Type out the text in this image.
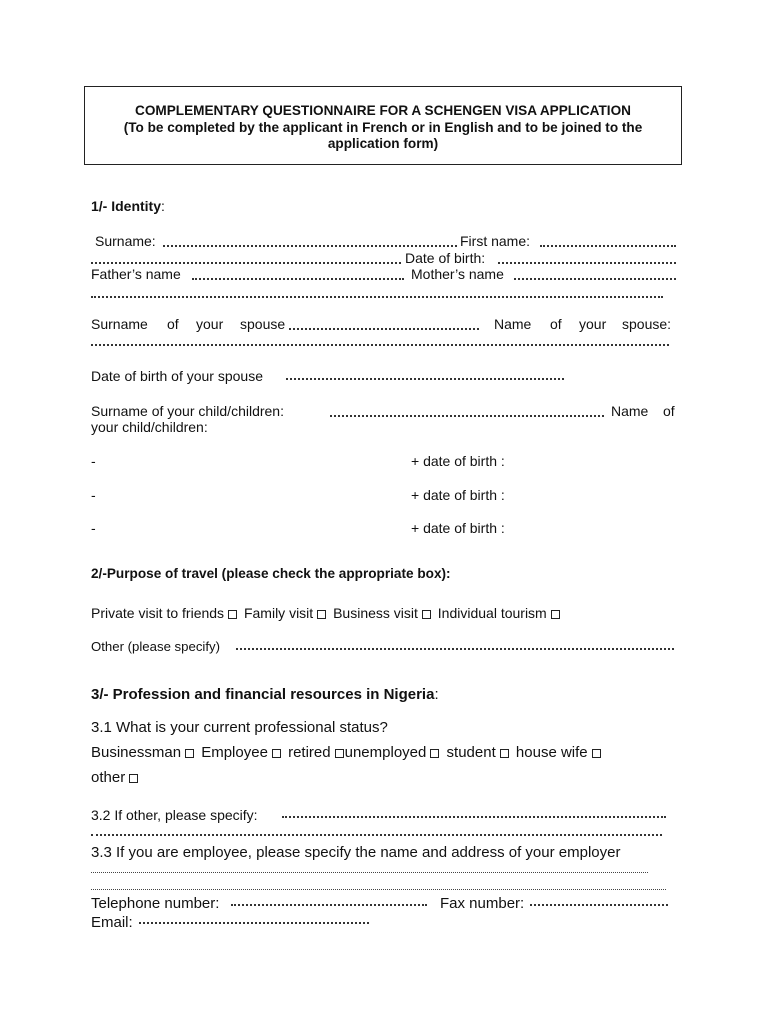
COMPLEMENTARY QUESTIONNAIRE FOR A SCHENGEN VISA APPLICATION
(To be completed by the applicant in French or in English and to be joined to the
application form)
1/- Identity:
Surname:	First name:
Date of birth:
Father’s name	Mother’s name
Surname of your spouse	Name of your spouse:
Date of birth of your spouse
Surname of your child/children:	Name of
your child/children:
-	+ date of birth :
-	+ date of birth :
-	+ date of birth :
2/-Purpose of travel (please check the appropriate box):
Private visit to friends Family visit Business visit Individual tourism
Other (please specify)
3/- Profession and financial resources in Nigeria:
3.1 What is your current professional status?
Businessman Employee retired unemployed student house wife
other
3.2 If other, please specify:
3.3 If you are employee, please specify the name and address of your employer
Telephone number:	Fax number:
Email:
